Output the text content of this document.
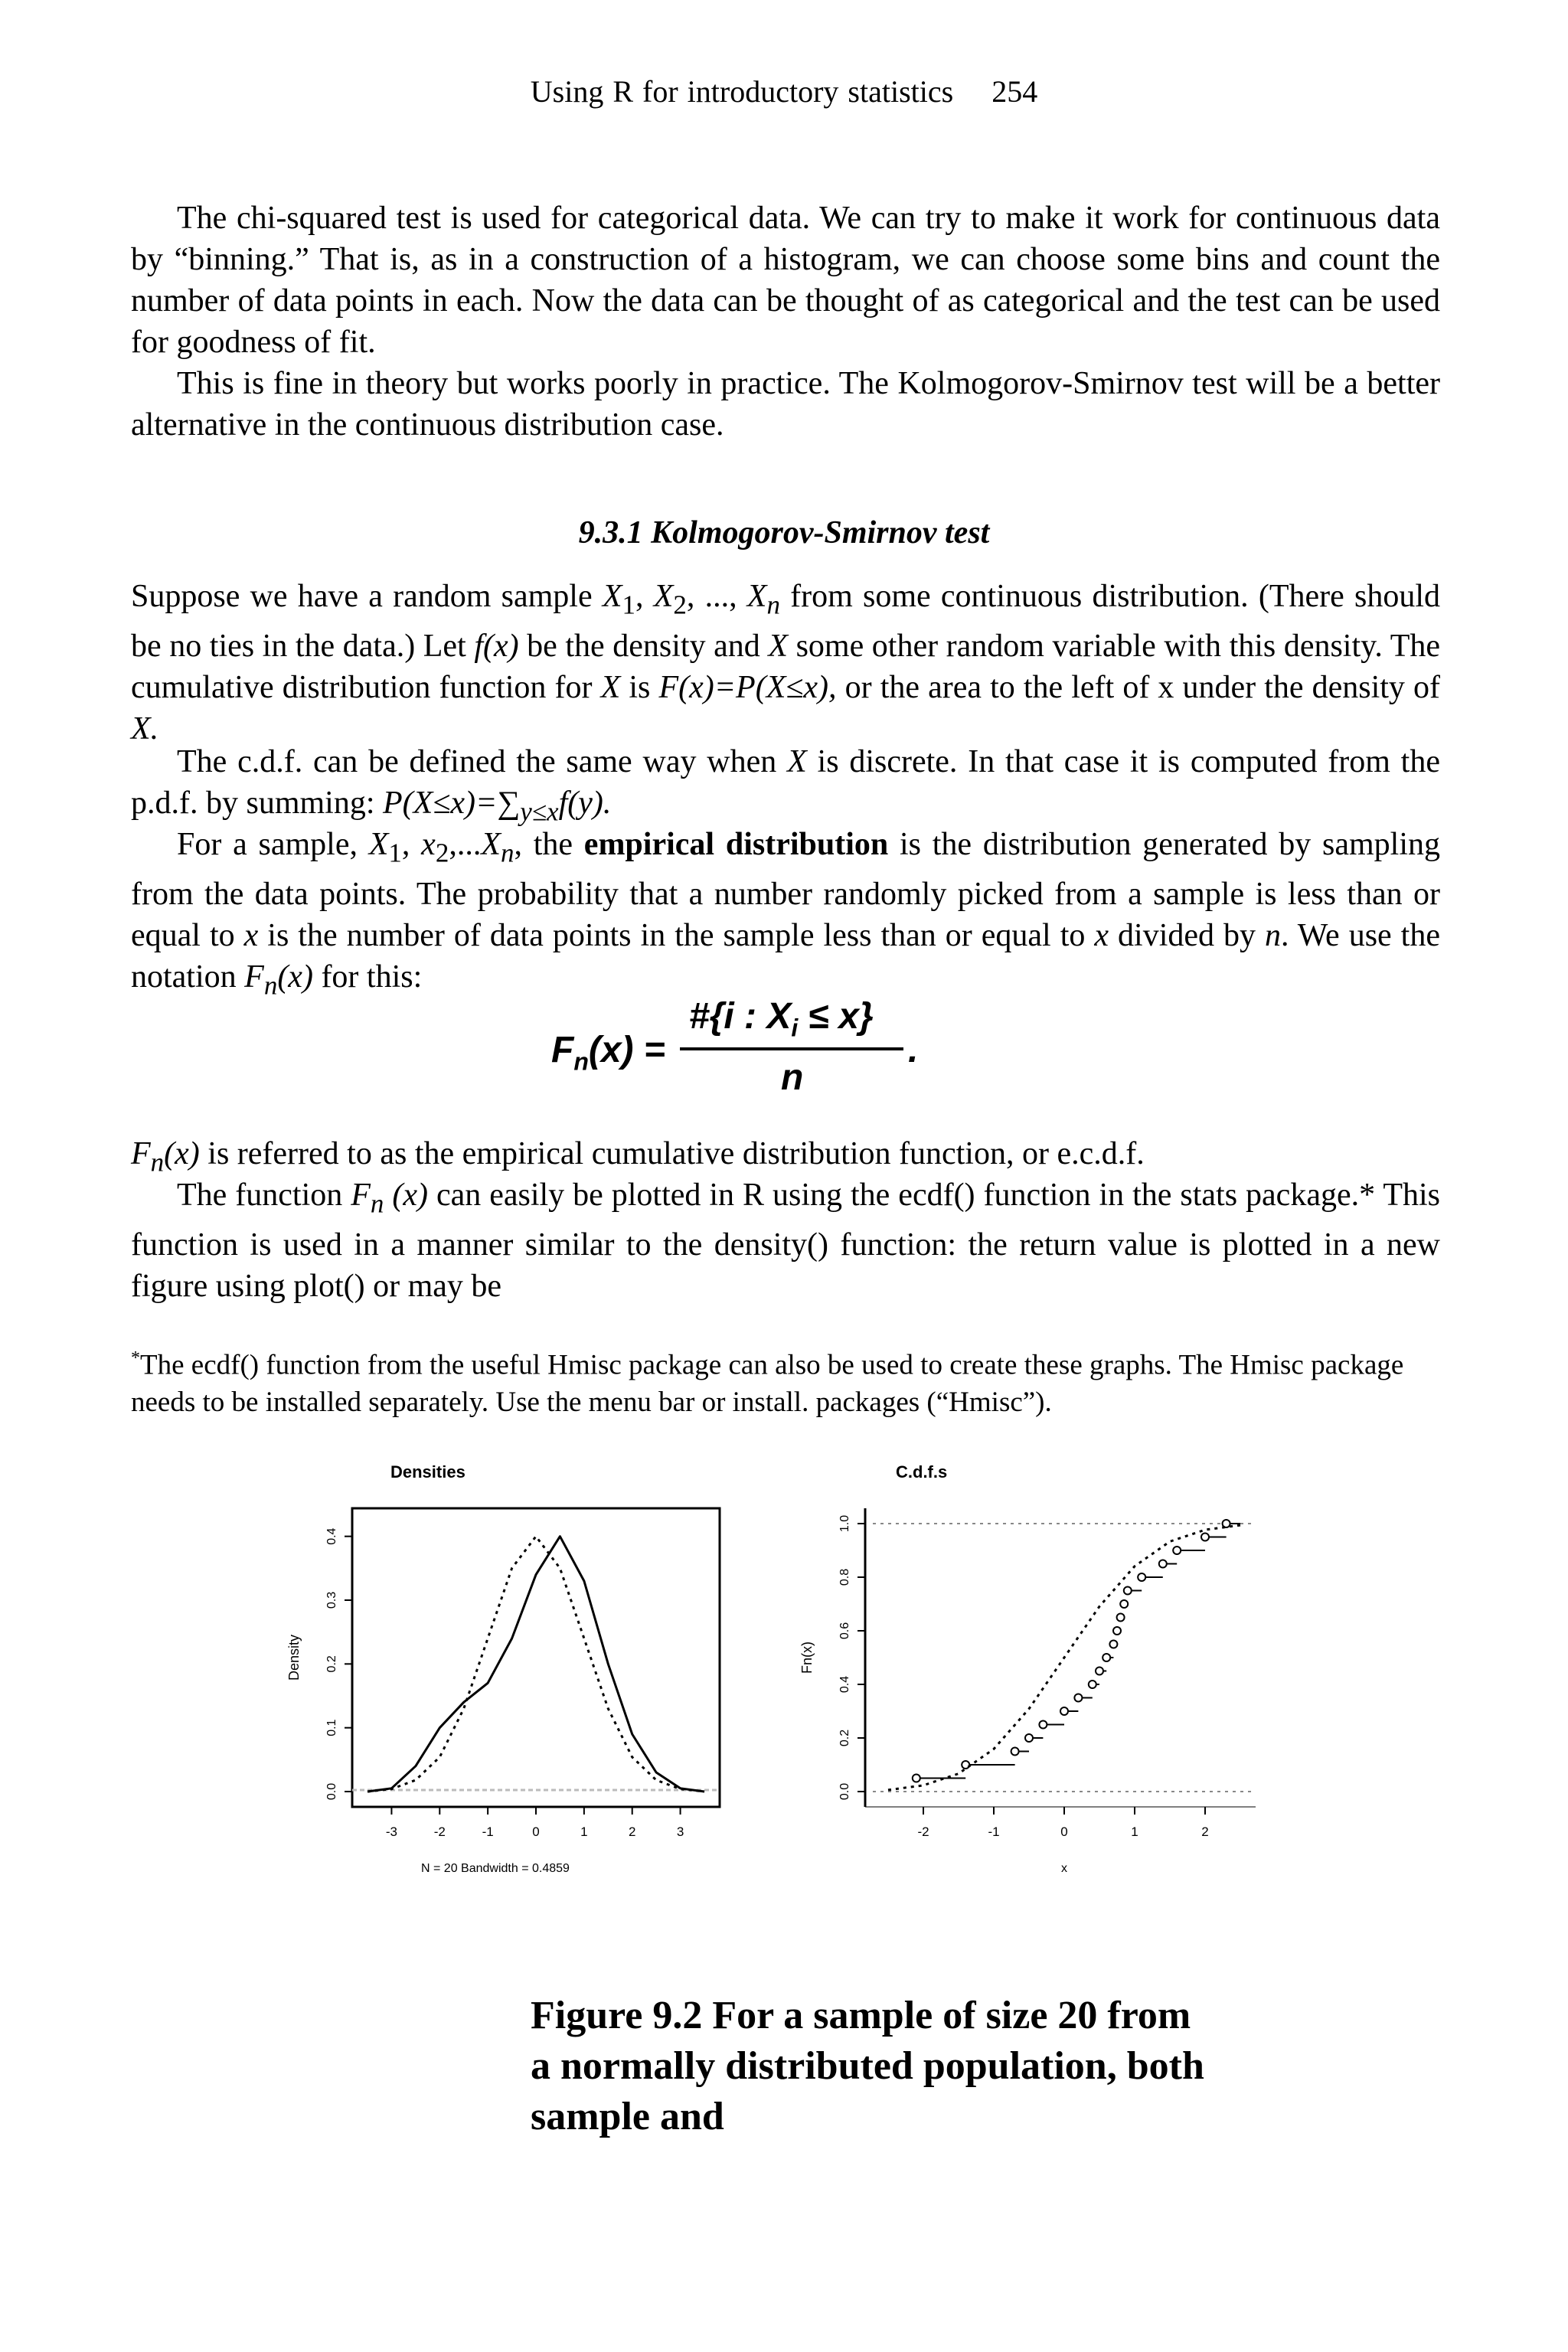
Using R for introductory statistics 254

The chi-squared test is used for categorical data. We can try to make it work for continuous data by “binning.” That is, as in a construction of a histogram, we can choose some bins and count the number of data points in each. Now the data can be thought of as categorical and the test can be used for goodness of fit.

This is fine in theory but works poorly in practice. The Kolmogorov-Smirnov test will be a better alternative in the continuous distribution case.

9.3.1 Kolmogorov-Smirnov test

Suppose we have a random sample $X_1$, $X_2$, ..., $X_n$ from some continuous distribution. (There should be no ties in the data.) Let f(x) be the density and X some other random variable with this density. The cumulative distribution function for X is F(x)=P(X≤x), or the area to the left of x under the density of X.

The c.d.f. can be defined the same way when X is discrete. In that case it is computed from the p.d.f. by summing: $P(X\le x)=\sum_{y\le x}f(y)$.

For a sample, $X_1$, $x_2,...X_n$, the empirical distribution is the distribution generated by sampling from the data points. The probability that a number randomly picked from a sample is less than or equal to x is the number of data points in the sample less than or equal to x divided by n. We use the notation $F_n(x)$ for this:

$F_n(x)$ =
#{i : $X_i \le x$}
n
.

$F_n(x)$ is referred to as the empirical cumulative distribution function, or e.c.d.f.

The function $F_n$ (x) can easily be plotted in R using the ecdf() function in the stats package.* This function is used in a manner similar to the density() function: the return value is plotted in a new figure using plot() or may be

*The ecdf() function from the useful Hmisc package can also be used to create these graphs. The Hmisc package needs to be installed separately. Use the menu bar or install. packages (“Hmisc”).
Densities
0.0
0.1
0.2
0.3
0.4
-3	-2	-1	0	1	2	3
Density
N = 20 Bandwidth = 0.4859
C.d.f.s
0.0
0.2
0.4
0.6
0.8
1.0
-2	-1	0	1	2
Fn(x)
x
Figure 9.2 For a sample of size 20 from a normally distributed population, both sample and
